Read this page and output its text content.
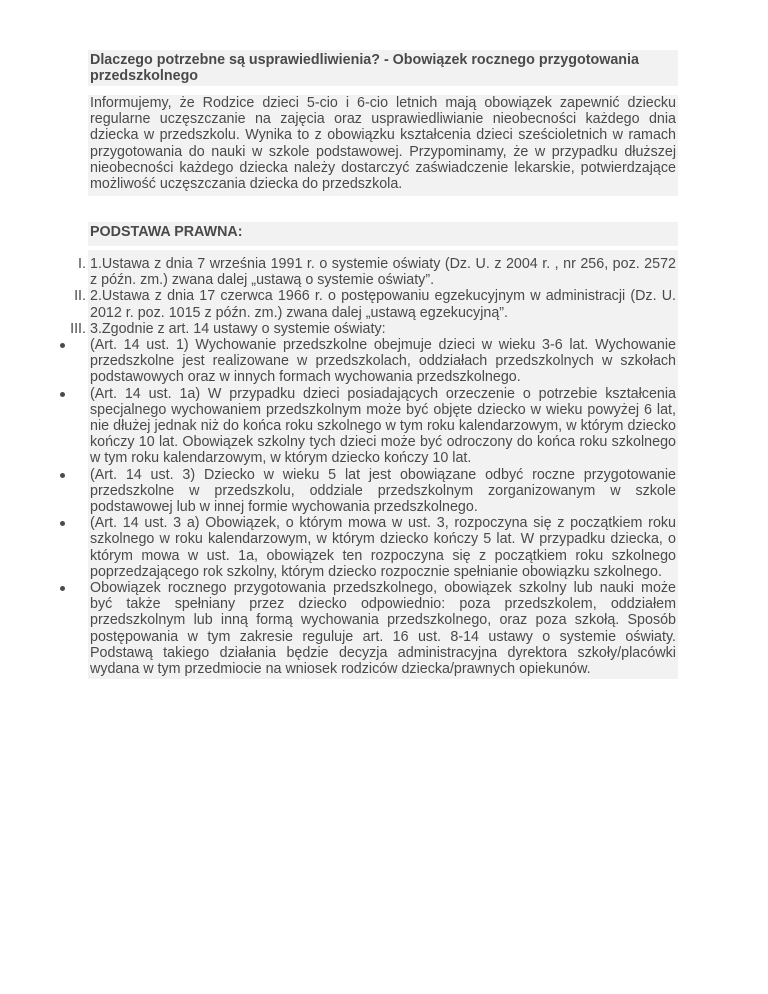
Dlaczego potrzebne są usprawiedliwienia? - Obowiązek rocznego przygotowania przedszkolnego
Informujemy, że Rodzice dzieci 5-cio i 6-cio letnich mają obowiązek zapewnić dziecku regularne uczęszczanie na zajęcia oraz usprawiedliwianie nieobecności każdego dnia dziecka w przedszkolu. Wynika to z obowiązku kształcenia dzieci sześcioletnich w ramach przygotowania do nauki w szkole podstawowej. Przypominamy, że w przypadku dłuższej nieobecności każdego dziecka należy dostarczyć zaświadczenie lekarskie, potwierdzające możliwość uczęszczania dziecka do przedszkola.
PODSTAWA PRAWNA:
I. 1.Ustawa z dnia 7 września 1991 r. o systemie oświaty (Dz. U. z 2004 r. , nr 256, poz. 2572 z późn. zm.) zwana dalej „ustawą o systemie oświaty”.
II. 2.Ustawa z dnia 17 czerwca 1966 r. o postępowaniu egzekucyjnym w administracji (Dz. U. 2012 r. poz. 1015 z późn. zm.) zwana dalej „ustawą egzekucyjną”.
III. 3.Zgodnie z art. 14 ustawy o systemie oświaty:
(Art. 14 ust. 1) Wychowanie przedszkolne obejmuje dzieci w wieku 3-6 lat. Wychowanie przedszkolne jest realizowane w przedszkolach, oddziałach przedszkolnych w szkołach podstawowych oraz w innych formach wychowania przedszkolnego.
(Art. 14 ust. 1a) W przypadku dzieci posiadających orzeczenie o potrzebie kształcenia specjalnego wychowaniem przedszkolnym może być objęte dziecko w wieku powyżej 6 lat, nie dłużej jednak niż do końca roku szkolnego w tym roku kalendarzowym, w którym dziecko kończy 10 lat. Obowiązek szkolny tych dzieci może być odroczony do końca roku szkolnego w tym roku kalendarzowym, w którym dziecko kończy 10 lat.
(Art. 14 ust. 3) Dziecko w wieku 5 lat jest obowiązane odbyć roczne przygotowanie przedszkolne w przedszkolu, oddziale przedszkolnym zorganizowanym w szkole podstawowej lub w innej formie wychowania przedszkolnego.
(Art. 14 ust. 3 a) Obowiązek, o którym mowa w ust. 3, rozpoczyna się z początkiem roku szkolnego w roku kalendarzowym, w którym dziecko kończy 5 lat. W przypadku dziecka, o którym mowa w ust. 1a, obowiązek ten rozpoczyna się z początkiem roku szkolnego poprzedzającego rok szkolny, którym dziecko rozpocznie spełnianie obowiązku szkolnego.
Obowiązek rocznego przygotowania przedszkolnego, obowiązek szkolny lub nauki może być także spełniany przez dziecko odpowiednio: poza przedszkolem, oddziałem przedszkolnym lub inną formą wychowania przedszkolnego, oraz poza szkołą. Sposób postępowania w tym zakresie reguluje art. 16 ust. 8-14 ustawy o systemie oświaty. Podstawą takiego działania będzie decyzja administracyjna dyrektora szkoły/placówki wydana w tym przedmiocie na wniosek rodziców dziecka/prawnych opiekunów.
